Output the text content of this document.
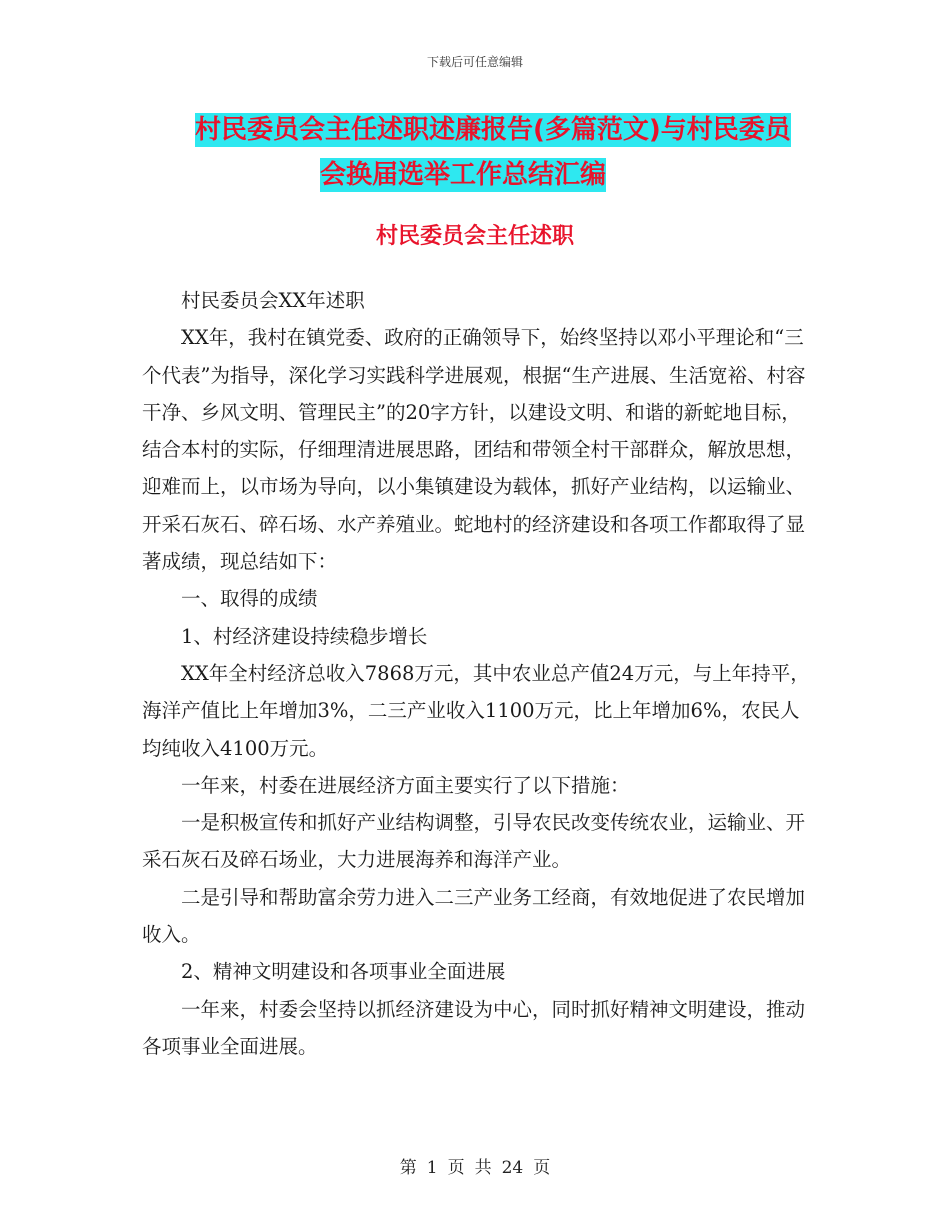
下载后可任意编辑
村民委员会主任述职述廉报告(多篇范文)与村民委员
会换届选举工作总结汇编
村民委员会主任述职

村民委员会XX年述职

XX年，我村在镇党委、政府的正确领导下，始终坚持以邓小平理论和“三个代表”为指导，深化学习实践科学进展观，根据“生产进展、生活宽裕、村容干净、乡风文明、管理民主”的20字方针，以建设文明、和谐的新蛇地目标，结合本村的实际，仔细理清进展思路，团结和带领全村干部群众，解放思想，迎难而上，以市场为导向，以小集镇建设为载体，抓好产业结构，以运输业、开采石灰石、碎石场、水产养殖业。蛇地村的经济建设和各项工作都取得了显著成绩，现总结如下：

一、取得的成绩

1、村经济建设持续稳步增长

XX年全村经济总收入7868万元，其中农业总产值24万元，与上年持平，海洋产值比上年增加3%，二三产业收入1100万元，比上年增加6%，农民人均纯收入4100万元。

一年来，村委在进展经济方面主要实行了以下措施：

一是积极宣传和抓好产业结构调整，引导农民改变传统农业，运输业、开采石灰石及碎石场业，大力进展海养和海洋产业。

二是引导和帮助富余劳力进入二三产业务工经商，有效地促进了农民增加收入。

2、精神文明建设和各项事业全面进展

一年来，村委会坚持以抓经济建设为中心，同时抓好精神文明建设，推动各项事业全面进展。

第 1 页 共 24 页
